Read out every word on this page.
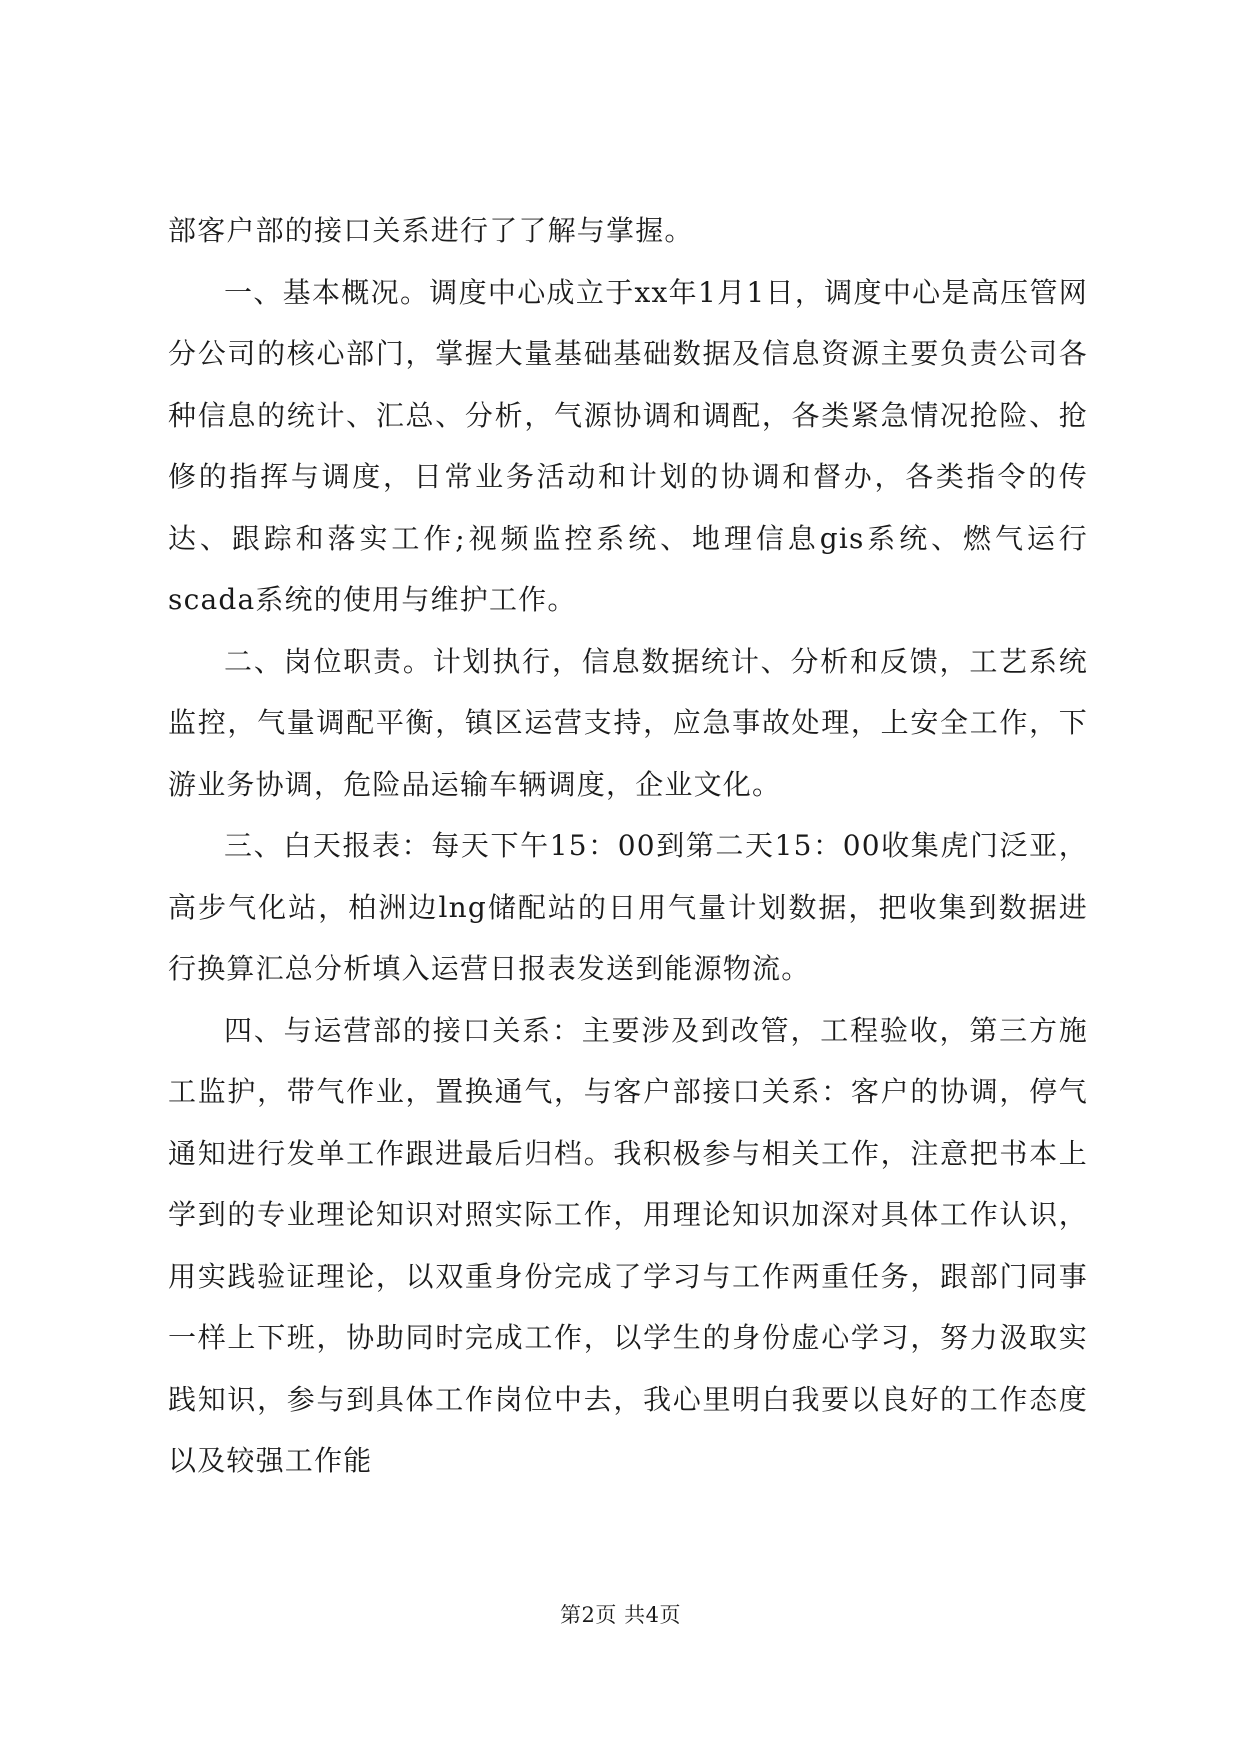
部客户部的接口关系进行了了解与掌握。

一、基本概况。调度中心成立于xx年1月1日，调度中心是高压管网分公司的核心部门，掌握大量基础基础数据及信息资源主要负责公司各种信息的统计、汇总、分析，气源协调和调配，各类紧急情况抢险、抢修的指挥与调度，日常业务活动和计划的协调和督办，各类指令的传达、跟踪和落实工作;视频监控系统、地理信息gis系统、燃气运行scada系统的使用与维护工作。

二、岗位职责。计划执行，信息数据统计、分析和反馈，工艺系统监控，气量调配平衡，镇区运营支持，应急事故处理，上安全工作，下游业务协调，危险品运输车辆调度，企业文化。

三、白天报表：每天下午15：00到第二天15：00收集虎门泛亚，高步气化站，柏洲边lng储配站的日用气量计划数据，把收集到数据进行换算汇总分析填入运营日报表发送到能源物流。

四、与运营部的接口关系：主要涉及到改管，工程验收，第三方施工监护，带气作业，置换通气，与客户部接口关系：客户的协调，停气通知进行发单工作跟进最后归档。我积极参与相关工作，注意把书本上学到的专业理论知识对照实际工作，用理论知识加深对具体工作认识，用实践验证理论，以双重身份完成了学习与工作两重任务，跟部门同事一样上下班，协助同时完成工作，以学生的身份虚心学习，努力汲取实践知识，参与到具体工作岗位中去，我心里明白我要以良好的工作态度以及较强工作能

第2页 共4页
